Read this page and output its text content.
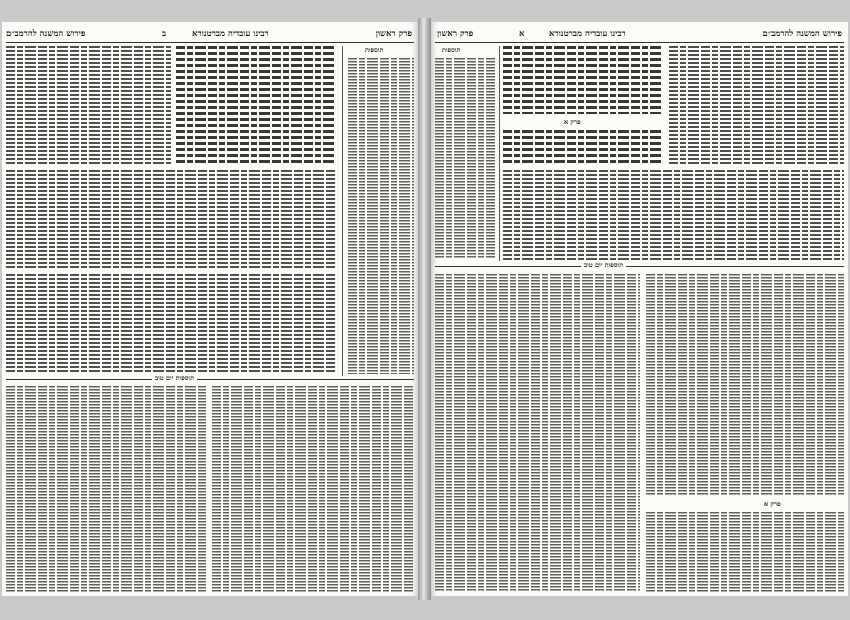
פירוש המשנה להרמב״ם	ב	רבינו עובדיה מברטנורא	פרק ראשון
תוספות
תוספות יום טוב
פרק ראשון	א	רבינו עובדיה מברטנורא	פירוש המשנה להרמב״ם
תוספות
פרק א
תוספות יום טוב
פרק א
